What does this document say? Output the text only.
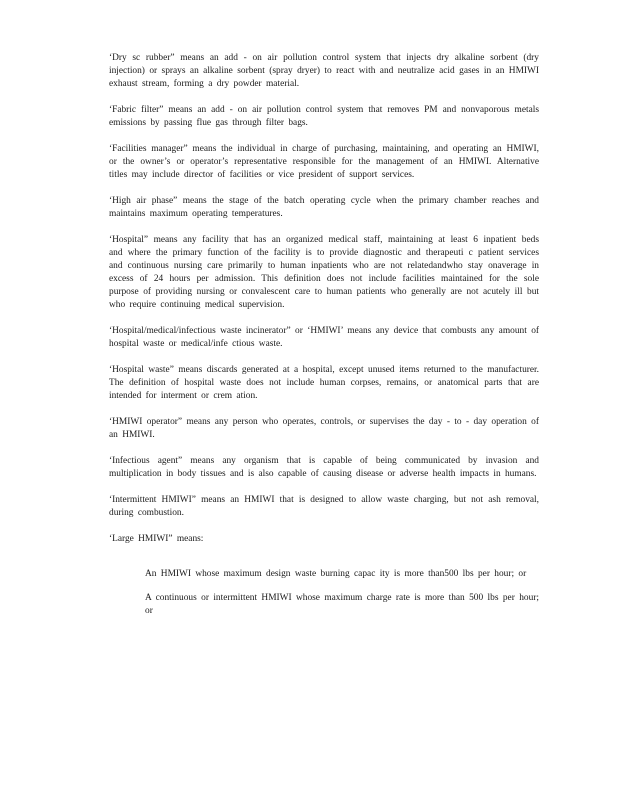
‘Dry sc rubber” means an add - on air pollution control system that injects dry alkaline sorbent (dry injection) or sprays an alkaline sorbent (spray dryer) to react with and neutralize acid gases in an HMIWI exhaust stream, forming a dry powder material.

‘Fabric filter” means an add - on air pollution control system that removes PM and nonvaporous metals emissions by passing flue gas through filter bags.

‘Facilities manager” means the individual in charge of purchasing, maintaining, and operating an HMIWI, or the owner’s or operator’s representative responsible for the management of an HMIWI. Alternative titles may include director of facilities or vice president of support services.

‘High air phase” means the stage of the batch operating cycle when the primary chamber reaches and maintains maximum operating temperatures.

‘Hospital” means any facility that has an organized medical staff, maintaining at least 6 inpatient beds and where the primary function of the facility is to provide diagnostic and therapeuti c patient services and continuous nursing care primarily to human inpatients who are not relatedandwho stay onaverage in excess of 24 hours per admission. This definition does not include facilities maintained for the sole purpose of providing nursing or convalescent care to human patients who generally are not acutely ill but who require continuing medical supervision.

‘Hospital/medical/infectious waste incinerator” or ‘HMIWI’ means any device that combusts any amount of hospital waste or medical/infe ctious waste.

‘Hospital waste” means discards generated at a hospital, except unused items returned to the manufacturer. The definition of hospital waste does not include human corpses, remains, or anatomical parts that are intended for interment or crem ation.

‘HMIWI operator” means any person who operates, controls, or supervises the day - to - day operation of an HMIWI.

‘Infectious agent” means any organism that is capable of being communicated by invasion and multiplication in body tissues and is also capable of causing disease or adverse health impacts in humans.

‘Intermittent HMIWI” means an HMIWI that is designed to allow waste charging, but not ash removal, during combustion.

‘Large HMIWI” means:

An HMIWI whose maximum design waste burning capac ity is more than500 lbs per hour; or

A continuous or intermittent HMIWI whose maximum charge rate is more than 500 lbs per hour; or
